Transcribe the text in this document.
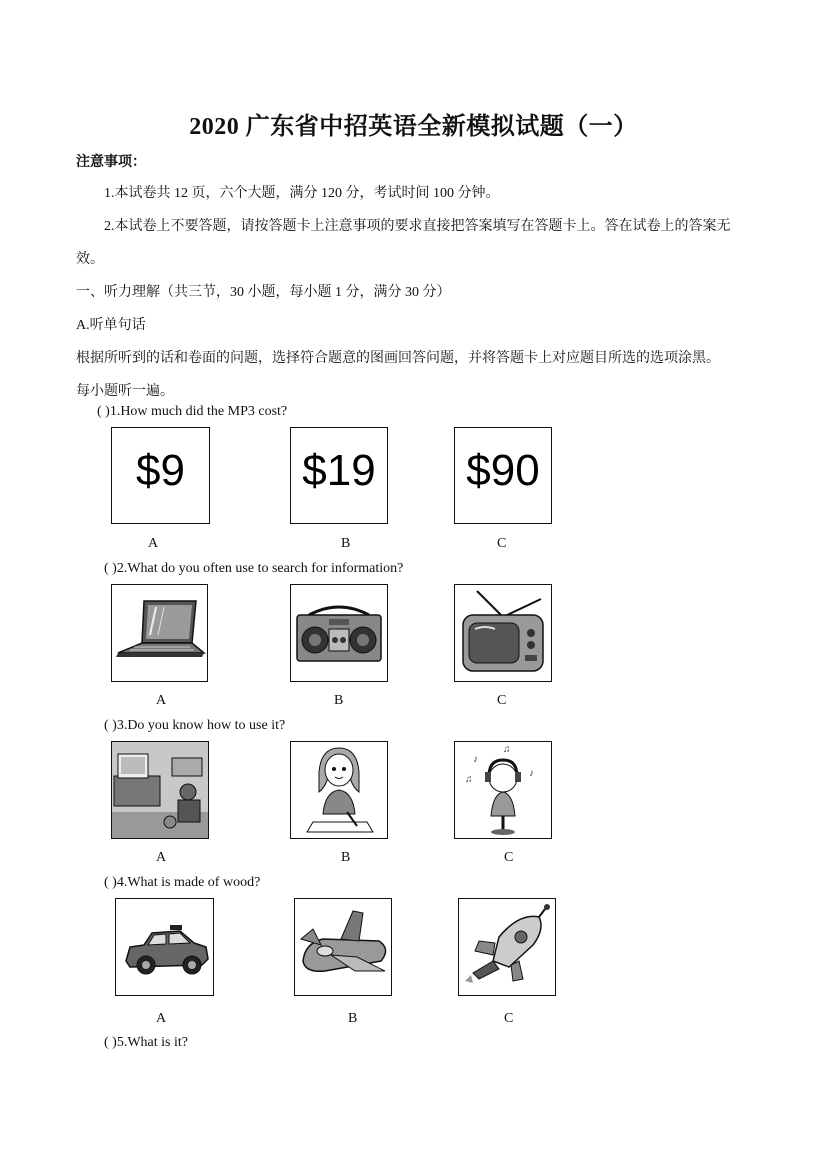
2020 广东省中招英语全新模拟试题（一）
注意事项：
1.本试卷共 12 页，六个大题，满分 120 分，考试时间 100 分钟。
2.本试卷上不要答题，请按答题卡上注意事项的要求直接把答案填写在答题卡上。答在试卷上的答案无
效。
一、听力理解（共三节，30 小题，每小题 1 分，满分 30 分）
A.听单句话
根据所听到的话和卷面的问题，选择符合题意的图画回答问题，并将答题卡上对应题目所选的选项涂黑。
每小题听一遍。
( )1.How much did the MP3 cost?
$9	$19 $90
A	B	C
( )2.What do you often use to search for information?
A	B	C
( )3.Do you know how to use it?
♪
♫
♪
♫
A	B	C
( )4.What is made of wood?
A	B	C
( )5.What is it?
